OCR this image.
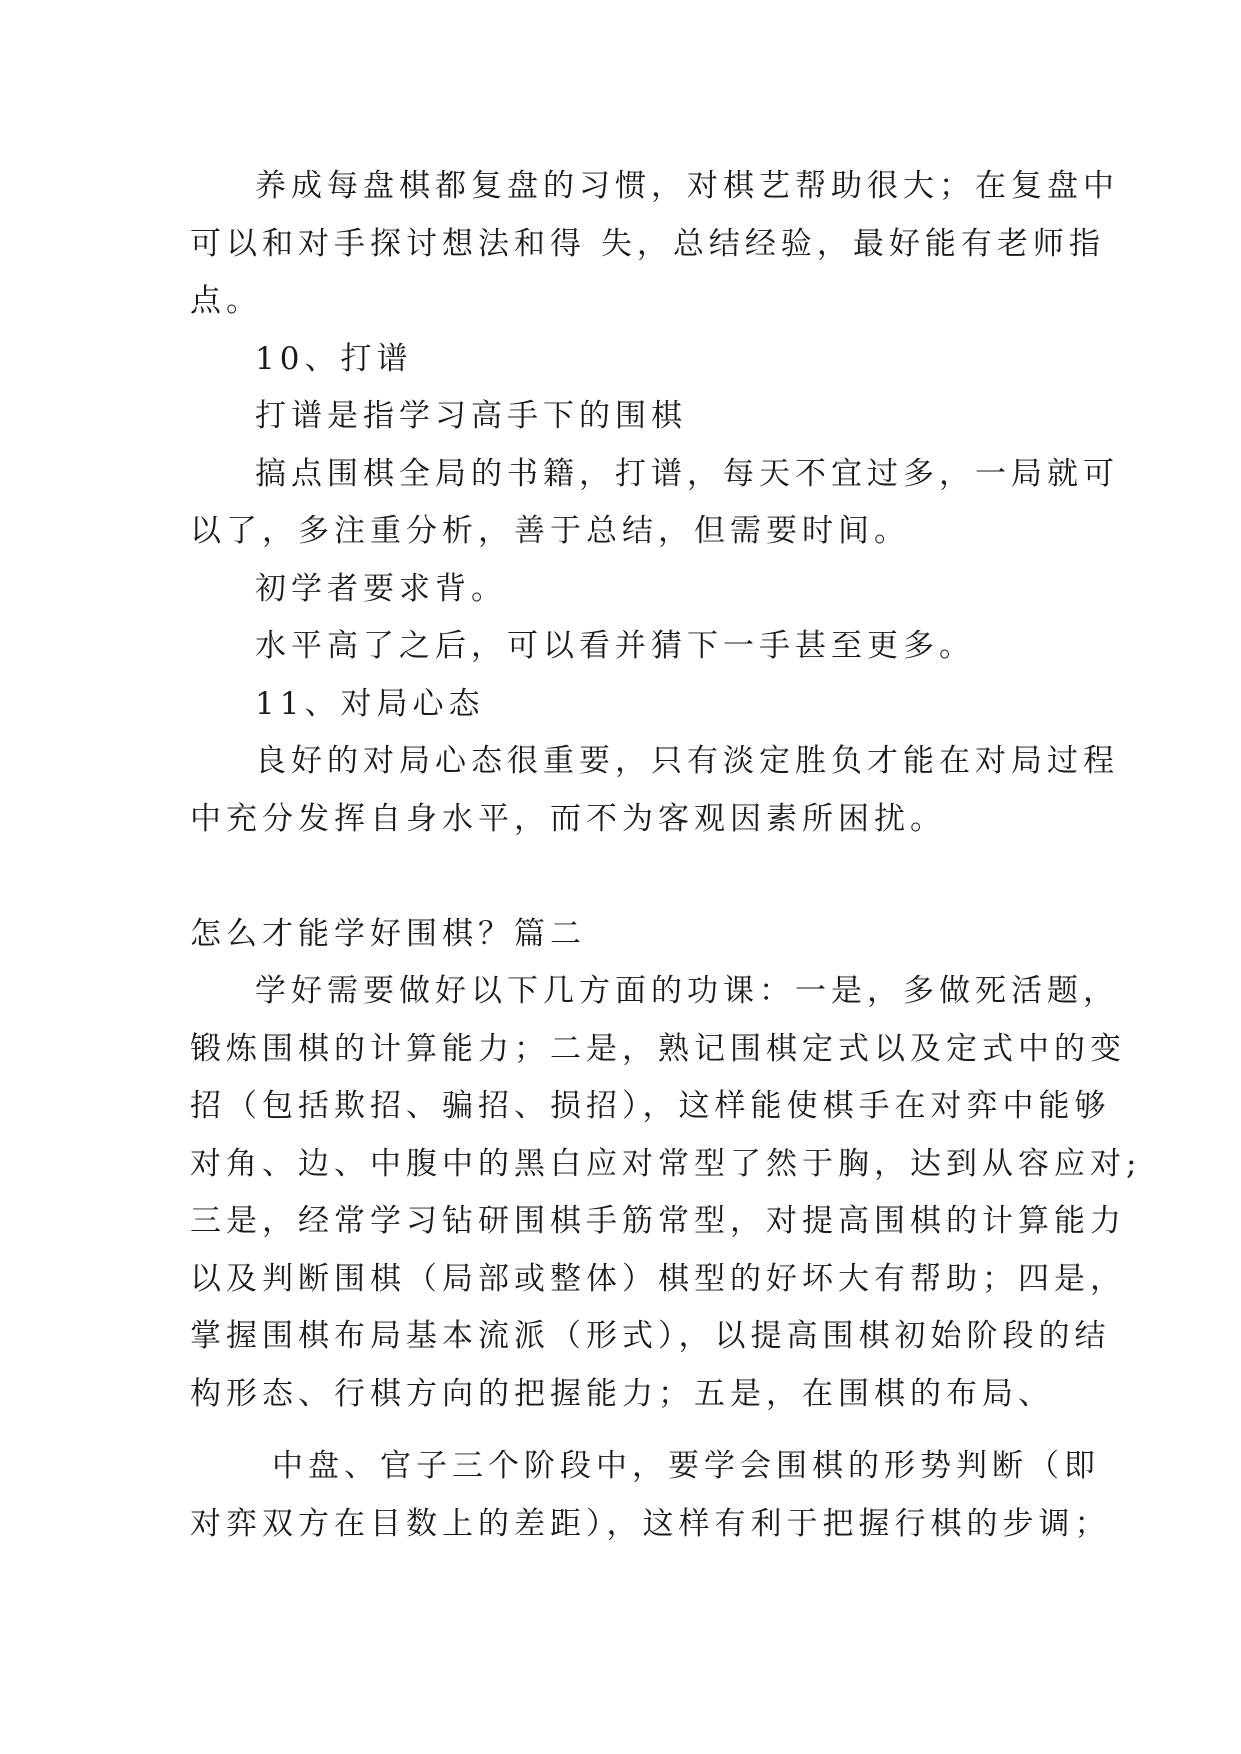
养成每盘棋都复盘的习惯，对棋艺帮助很大；在复盘中
可以和对手探讨想法和得 失，总结经验，最好能有老师指
点。
10、打谱
打谱是指学习高手下的围棋
搞点围棋全局的书籍，打谱，每天不宜过多，一局就可
以了，多注重分析，善于总结，但需要时间。
初学者要求背。
水平高了之后，可以看并猜下一手甚至更多。
11、对局心态
良好的对局心态很重要，只有淡定胜负才能在对局过程
中充分发挥自身水平，而不为客观因素所困扰。
怎么才能学好围棋？篇二
学好需要做好以下几方面的功课：一是，多做死活题，
锻炼围棋的计算能力；二是，熟记围棋定式以及定式中的变
招（包括欺招、骗招、损招），这样能使棋手在对弈中能够
对角、边、中腹中的黑白应对常型了然于胸，达到从容应对;
三是，经常学习钻研围棋手筋常型，对提高围棋的计算能力
以及判断围棋（局部或整体）棋型的好坏大有帮助；四是，
掌握围棋布局基本流派（形式），以提高围棋初始阶段的结
构形态、行棋方向的把握能力；五是，在围棋的布局、
中盘、官子三个阶段中，要学会围棋的形势判断（即
对弈双方在目数上的差距），这样有利于把握行棋的步调；
